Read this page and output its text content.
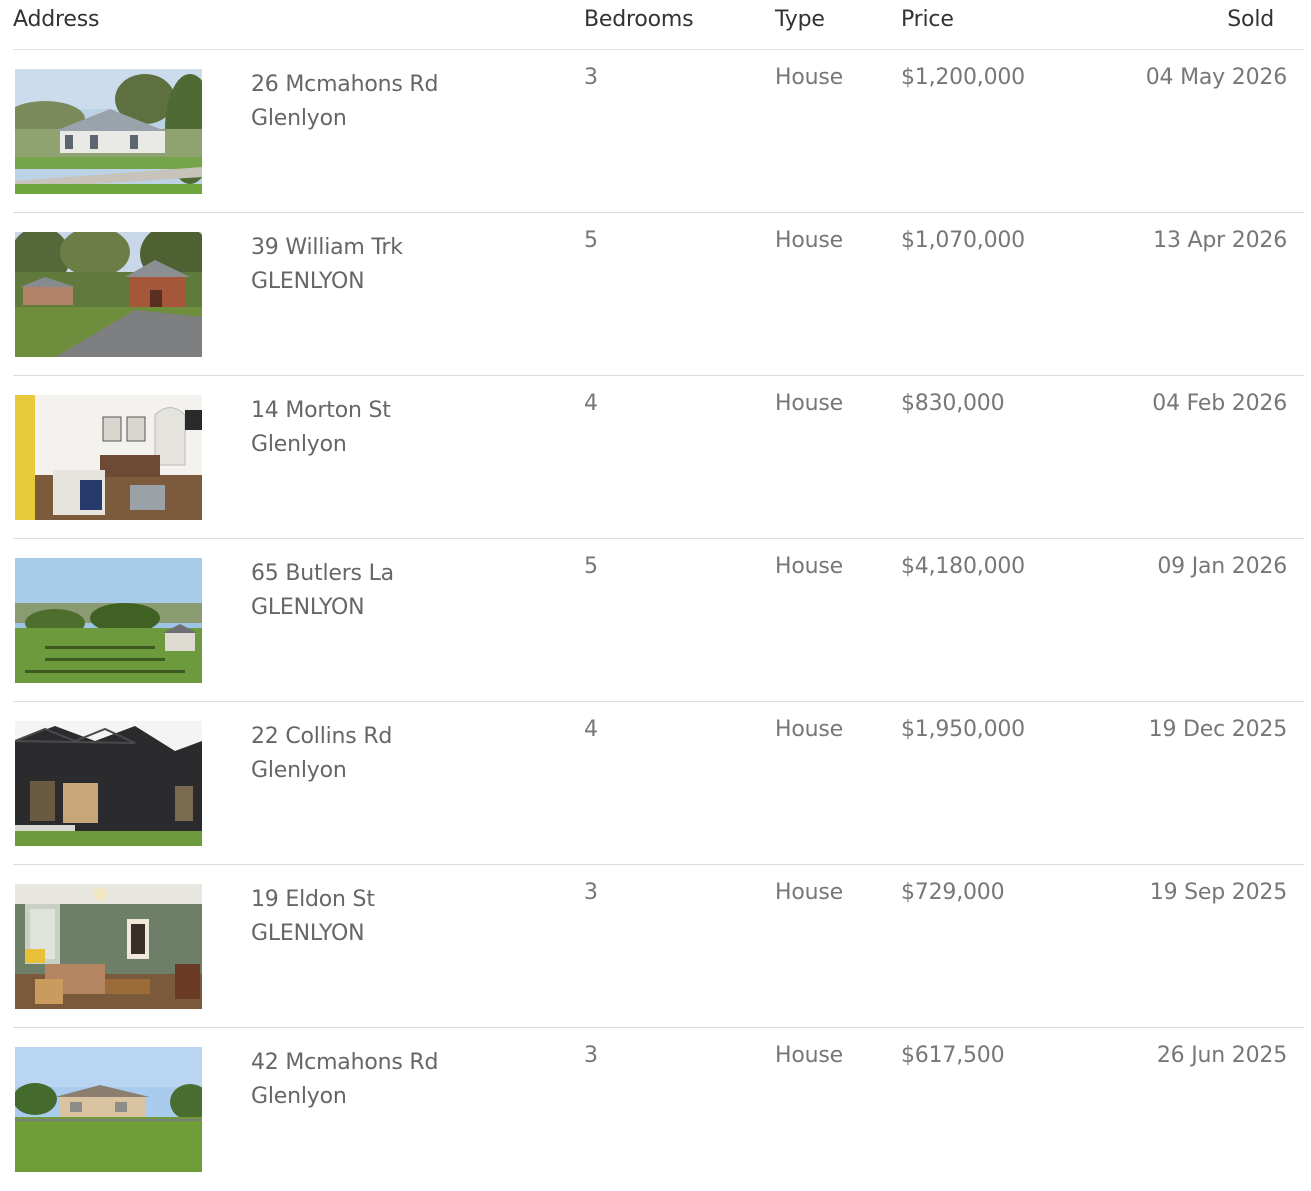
Address	Bedrooms	Type	Price	Sold
26 Mcmahons Rd
Glenlyon
3	House	$1,200,000	04 May 2026
39 William Trk
GLENLYON
5	House	$1,070,000	13 Apr 2026
14 Morton St
Glenlyon
4	House	$830,000	04 Feb 2026
65 Butlers La
GLENLYON
5	House	$4,180,000	09 Jan 2026
22 Collins Rd
Glenlyon
4	House	$1,950,000	19 Dec 2025
19 Eldon St
GLENLYON
3	House	$729,000	19 Sep 2025
42 Mcmahons Rd
Glenlyon
3	House	$617,500	26 Jun 2025
